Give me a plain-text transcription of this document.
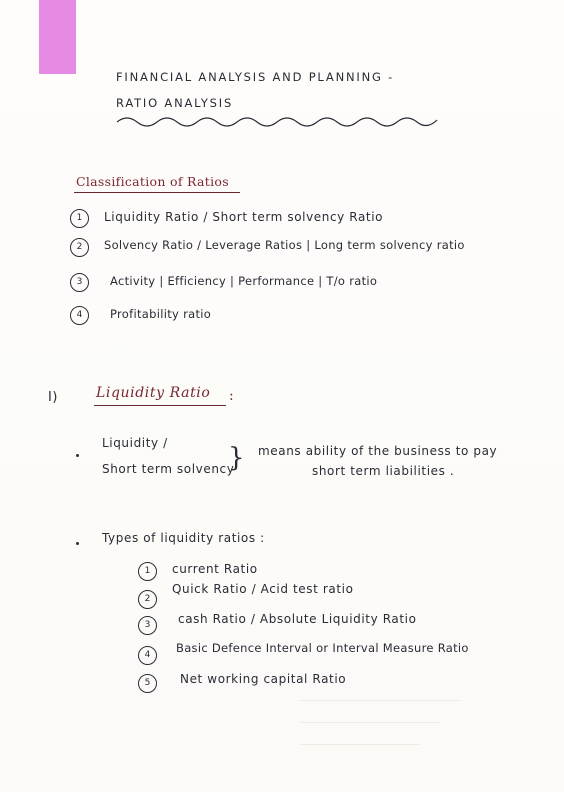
FINANCIAL ANALYSIS AND PLANNING -
RATIO ANALYSIS
Classification of Ratios
1	Liquidity Ratio / Short term solvency Ratio
2	Solvency Ratio / Leverage Ratios | Long term solvency ratio
3	Activity | Efficiency | Performance | T/o ratio
4	Profitability ratio
I)	Liquidity Ratio :
Liquidity /
Short term solvency
} means ability of the business to pay
short term liabilities .
Types of liquidity ratios :
1	current Ratio
2
Quick Ratio / Acid test ratio
3	cash Ratio / Absolute Liquidity Ratio
4	Basic Defence Interval or Interval Measure Ratio
5	Net working capital Ratio
